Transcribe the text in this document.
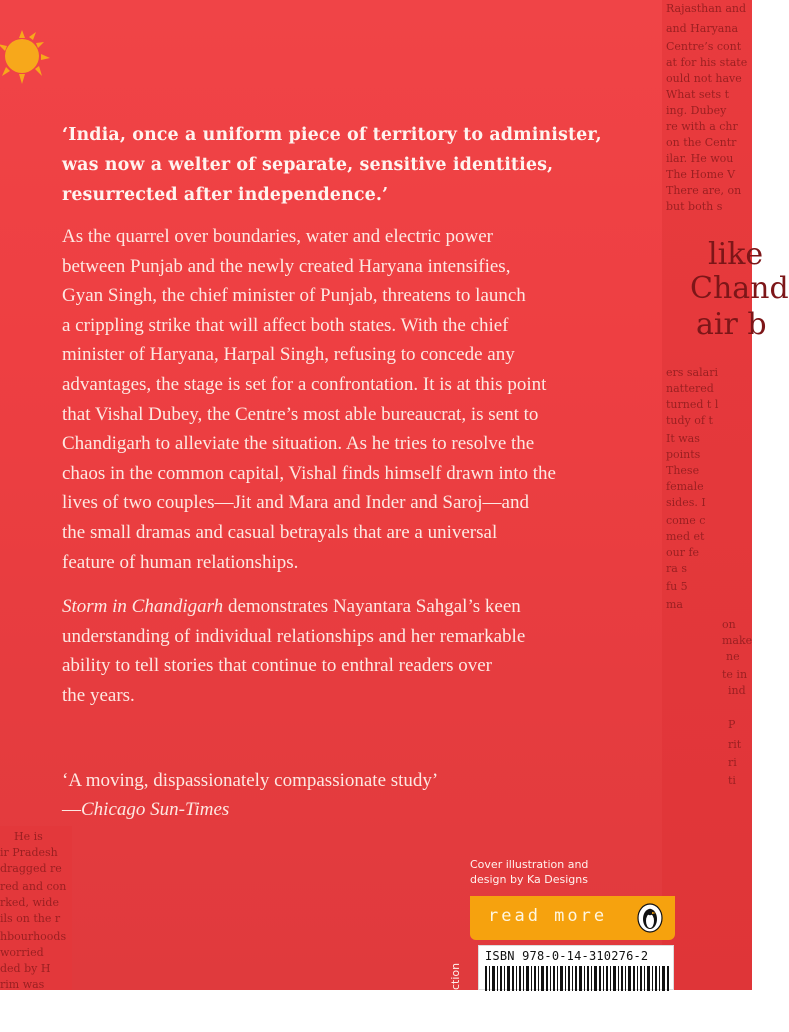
‘India, once a uniform piece of territory to administer,
was now a welter of separate, sensitive identities,
resurrected after independence.’
As the quarrel over boundaries, water and electric power
between Punjab and the newly created Haryana intensifies,
Gyan Singh, the chief minister of Punjab, threatens to launch
a crippling strike that will affect both states. With the chief
minister of Haryana, Harpal Singh, refusing to concede any
advantages, the stage is set for a confrontation. It is at this point
that Vishal Dubey, the Centre’s most able bureaucrat, is sent to
Chandigarh to alleviate the situation. As he tries to resolve the
chaos in the common capital, Vishal finds himself drawn into the
lives of two couples—Jit and Mara and Inder and Saroj—and
the small dramas and casual betrayals that are a universal
feature of human relationships.
Storm in Chandigarh demonstrates Nayantara Sahgal’s keen
understanding of individual relationships and her remarkable
ability to tell stories that continue to enthral readers over
the years.
‘A moving, dispassionately compassionate study’
—Chicago Sun-Times
Rajasthan and
and Haryana
Centre’s cont
at for his state
ould not have
What sets t
ing. Dubey
re with a chr
on the Centr
ilar. He wou
The Home V
There are, on
but both s
like
Chand
air b
ers salari
nattered
turned t l
tudy of t
It was
points
These
female
sides. I
come c
med et
our fe
ra s
fu 5
ma
on
make
ne
te in
ind
P
rit
ri
ti
He is
ir Pradesh
dragged re
red and con
rked, wide
ils on the r
hbourhoods
worried
ded by H
rim was
Cover illustration and
design by Ka Designs
read more
ISBN 978-0-14-310276-2
ction
